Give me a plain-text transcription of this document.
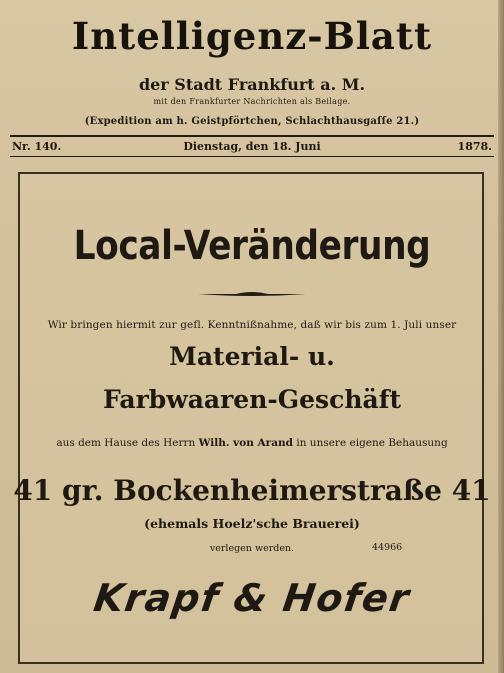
Intelligenz-Blatt
der Stadt Frankfurt a. M.
mit den Frankfurter Nachrichten als Beilage.
(Expedition am h. Geistpförtchen, Schlachthausgaſſe 21.)
Nr. 140.	Dienstag, den 18. Juni	1878.
Local-Veränderung
Wir bringen hiermit zur gefl. Kenntnißnahme, daß wir bis zum 1. Juli unser
Material- u.
Farbwaaren-Geschäft
aus dem Hause des Herrn Wilh. von Arand in unsere eigene Behausung
41 gr. Bockenheimerstraße 41
(ehemals Hoelz'sche Brauerei)
verlegen werden.	44966
Krapf & Hofer
